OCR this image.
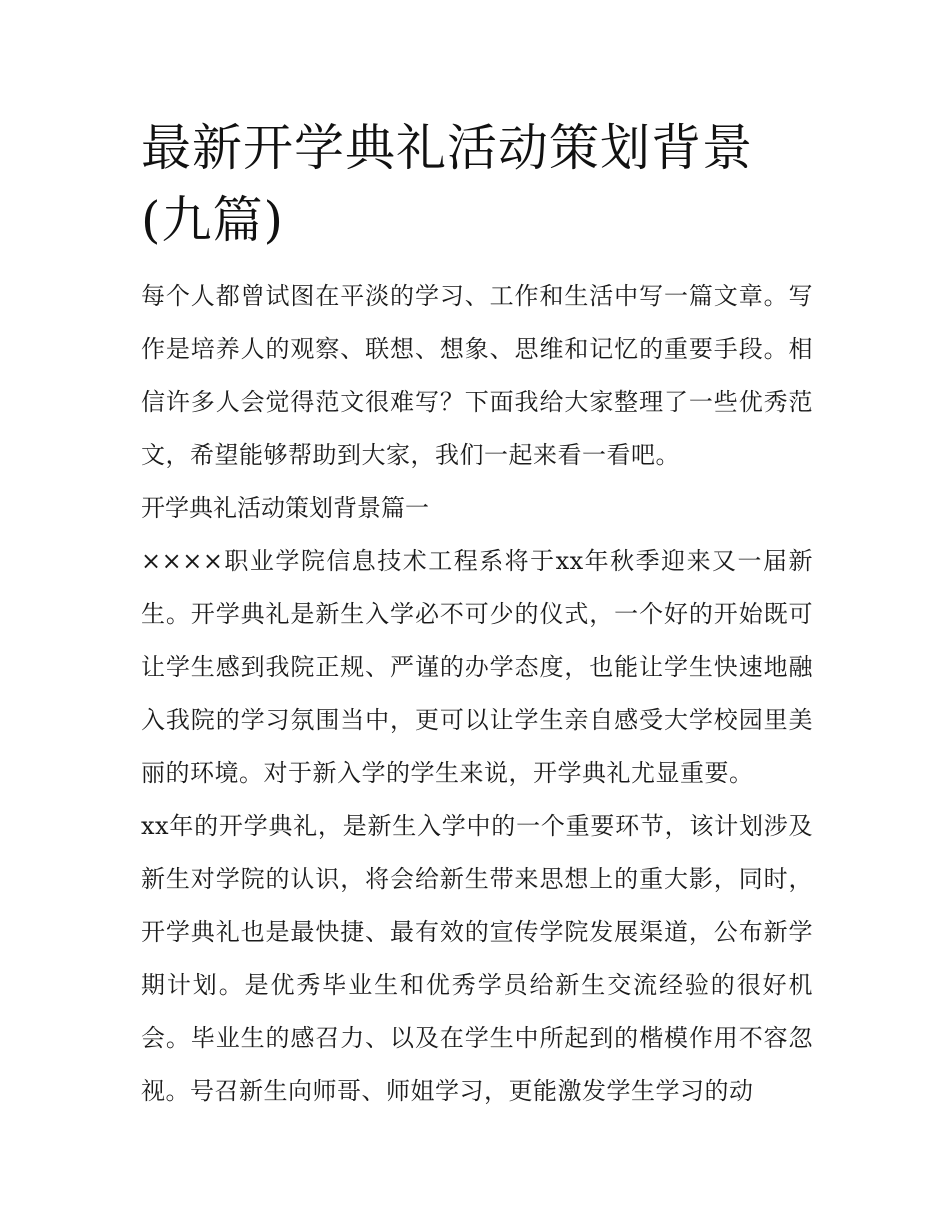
最新开学典礼活动策划背景(九篇)

每个人都曾试图在平淡的学习、工作和生活中写一篇文章。写作是培养人的观察、联想、想象、思维和记忆的重要手段。相信许多人会觉得范文很难写？下面我给大家整理了一些优秀范文，希望能够帮助到大家，我们一起来看一看吧。

开学典礼活动策划背景篇一

××××职业学院信息技术工程系将于xx年秋季迎来又一届新生。开学典礼是新生入学必不可少的仪式，一个好的开始既可让学生感到我院正规、严谨的办学态度，也能让学生快速地融入我院的学习氛围当中，更可以让学生亲自感受大学校园里美丽的环境。对于新入学的学生来说，开学典礼尤显重要。

xx年的开学典礼，是新生入学中的一个重要环节，该计划涉及新生对学院的认识，将会给新生带来思想上的重大影，同时，开学典礼也是最快捷、最有效的宣传学院发展渠道，公布新学期计划。是优秀毕业生和优秀学员给新生交流经验的很好机会。毕业生的感召力、以及在学生中所起到的楷模作用不容忽视。号召新生向师哥、师姐学习，更能激发学生学习的动
